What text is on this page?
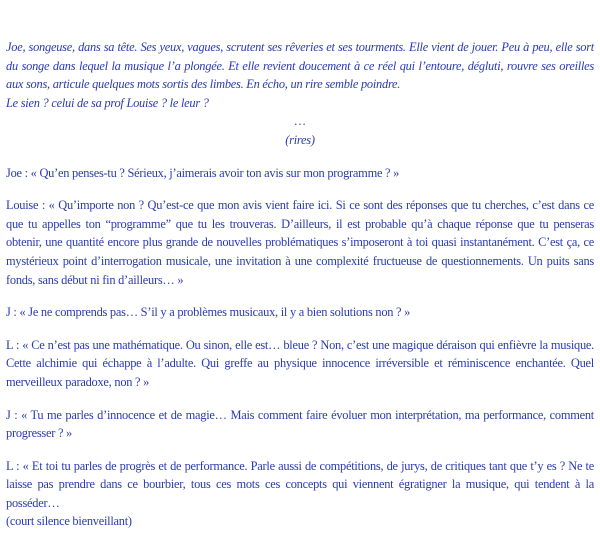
Joe, songeuse, dans sa tête. Ses yeux, vagues, scrutent ses rêveries et ses tourments. Elle vient de jouer. Peu à peu, elle sort du songe dans lequel la musique l’a plongée. Et elle revient doucement à ce réel qui l’entoure, dégluti, rouvre ses oreilles aux sons, articule quelques mots sortis des limbes. En écho, un rire semble poindre.

Le sien ? celui de sa prof Louise ? le leur ?

…

(rires)

Joe : « Qu’en penses-tu ? Sérieux, j’aimerais avoir ton avis sur mon programme ? »

Louise : « Qu’importe non ? Qu’est-ce que mon avis vient faire ici. Si ce sont des réponses que tu cherches, c’est dans ce que tu appelles ton “programme” que tu les trouveras. D’ailleurs, il est probable qu’à chaque réponse que tu penseras obtenir, une quantité encore plus grande de nouvelles problématiques s’imposeront à toi quasi instantanément. C’est ça, ce mystérieux point d’interrogation musicale, une invitation à une complexité fructueuse de questionnements. Un puits sans fonds, sans début ni fin d’ailleurs… »

J : « Je ne comprends pas… S’il y a problèmes musicaux, il y a bien solutions non ? »

L : « Ce n’est pas une mathématique. Ou sinon, elle est… bleue ? Non, c’est une magique déraison qui enfièvre la musique. Cette alchimie qui échappe à l’adulte. Qui greffe au physique innocence irréversible et réminiscence enchantée. Quel merveilleux paradoxe, non ? »

J : « Tu me parles d’innocence et de magie… Mais comment faire évoluer mon interprétation, ma performance, comment progresser ? »

L : « Et toi tu parles de progrès et de performance. Parle aussi de compétitions, de jurys, de critiques tant que t’y es ? Ne te laisse pas prendre dans ce bourbier, tous ces mots ces concepts qui viennent égratigner la musique, qui tendent à la posséder…

(court silence bienveillant)
